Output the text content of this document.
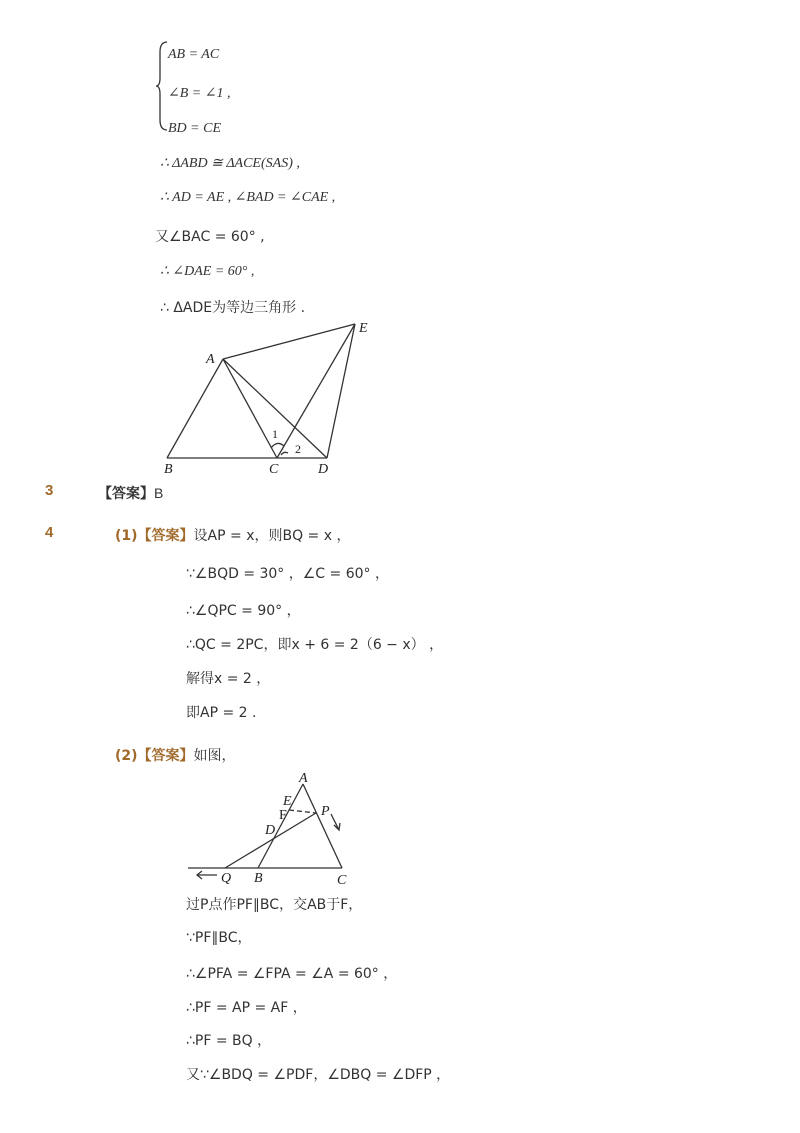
AB = AC
∠B = ∠1 ,
BD = CE
∴ ΔABD ≅ ΔACE(SAS) ,
∴ AD = AE , ∠BAD = ∠CAE ,
又∠BAC = 60° ,
∴ ∠DAE = 60° ,
∴ ΔADE为等边三角形 .
A
B	C	D
E
1
2
3	【答案】B
4	(1)【答案】设AP = x，则BQ = x ，
∵∠BQD = 30° ，∠C = 60° ，
∴∠QPC = 90° ，
∴QC = 2PC，即x + 6 = 2（6 − x） ，
解得x = 2 ，
即AP = 2 .
(2)【答案】如图，
A
E
F P
D
Q B	C
过P点作PF∥BC，交AB于F，
∵PF∥BC，
∴∠PFA = ∠FPA = ∠A = 60° ，
∴PF = AP = AF ，
∴PF = BQ ，
又∵∠BDQ = ∠PDF，∠DBQ = ∠DFP ，
